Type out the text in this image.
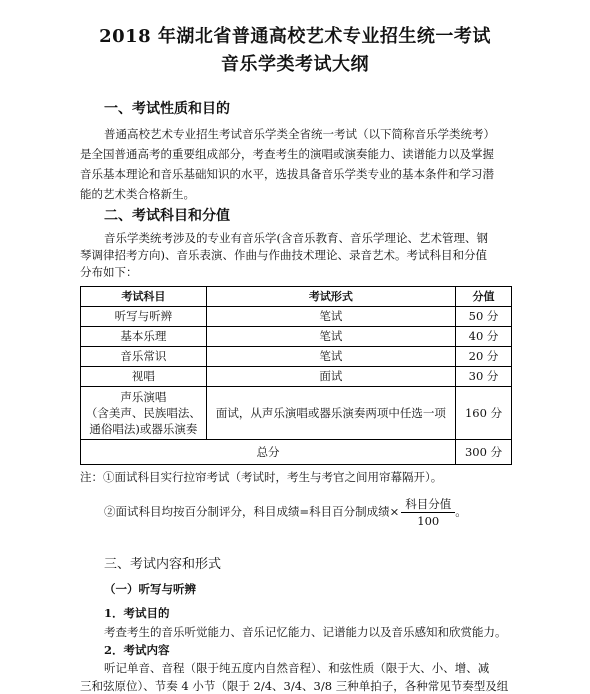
2018 年湖北省普通高校艺术专业招生统一考试
音乐学类考试大纲
一、考试性质和目的

普通高校艺术专业招生考试音乐学类全省统一考试（以下简称音乐学类统考）
是全国普通高考的重要组成部分，考查考生的演唱或演奏能力、读谱能力以及掌握
音乐基本理论和音乐基础知识的水平，选拔具备音乐学类专业的基本条件和学习潜
能的艺术类合格新生。

二、考试科目和分值

音乐学类统考涉及的专业有音乐学(含音乐教育、音乐学理论、艺术管理、钢
琴调律招考方向)、音乐表演、作曲与作曲技术理论、录音艺术。考试科目和分值
分布如下：

考试科目	考试形式	分值
听写与听辨	笔试	50 分
基本乐理	笔试	40 分
音乐常识	笔试	20 分
视唱	面试	30 分

声乐演唱
（含美声、民族唱法、
通俗唱法)或器乐演奏	面试，从声乐演唱或器乐演奏两项中任选一项	160 分
总分		300 分
注：①面试科目实行拉帘考试（考试时，考生与考官之间用帘幕隔开）。
②面试科目均按百分制评分，科目成绩=科目百分制成绩× $\frac{\text{科目分值}}{100}$ 。
三、考试内容和形式
（一）听写与听辨
1．考试目的
考查考生的音乐听觉能力、音乐记忆能力、记谱能力以及音乐感知和欣赏能力。
2．考试内容
听记单音、音程（限于纯五度内自然音程）、和弦性质（限于大、小、增、减
三和弦原位）、节奏 4 小节（限于 2/4、3/4、3/8 三种单拍子，各种常见节奏型及组
